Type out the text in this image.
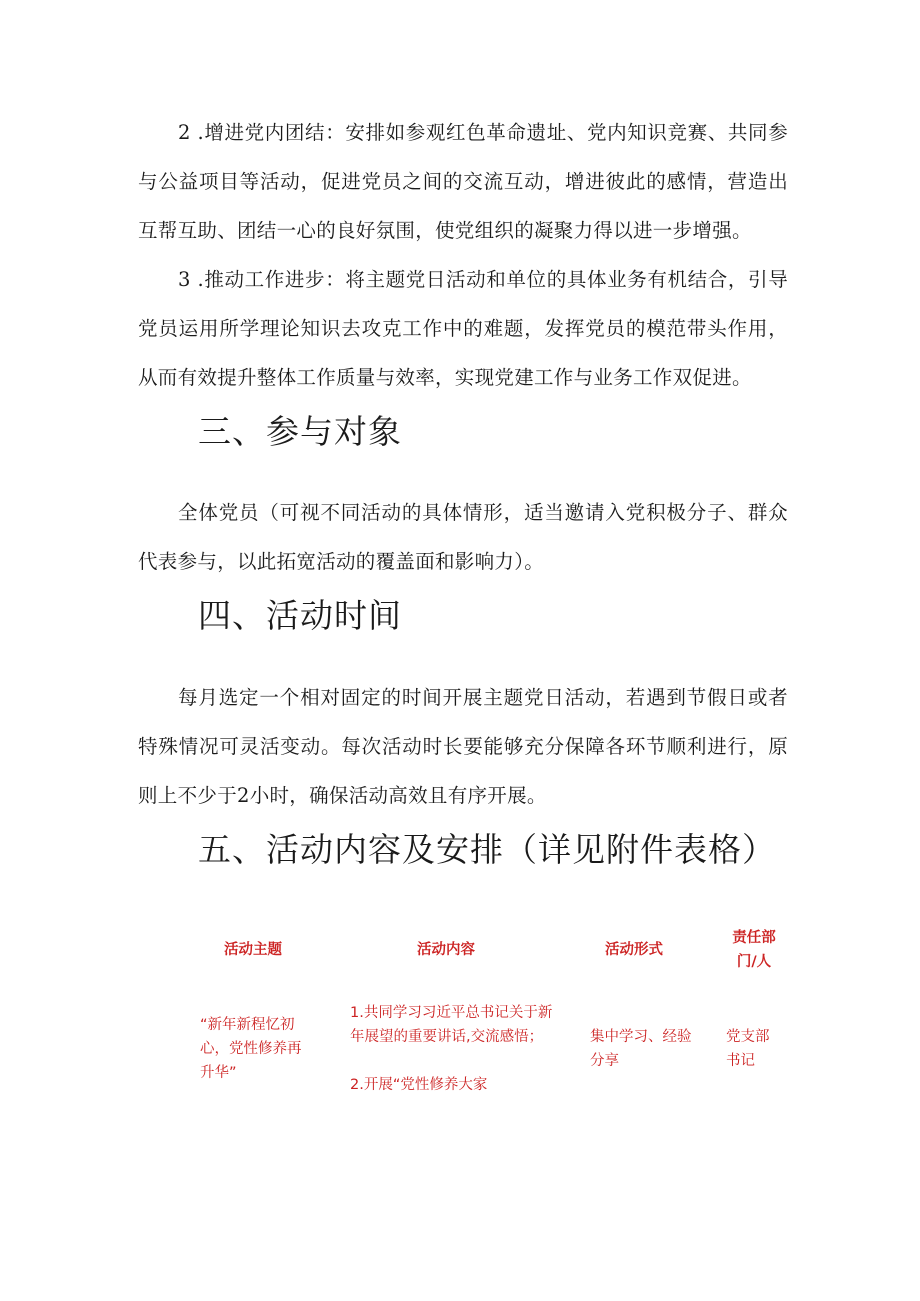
2 .增进党内团结：安排如参观红色革命遗址、党内知识竞赛、共同参与公益项目等活动，促进党员之间的交流互动，增进彼此的感情，营造出互帮互助、团结一心的良好氛围，使党组织的凝聚力得以进一步增强。

3 .推动工作进步：将主题党日活动和单位的具体业务有机结合，引导党员运用所学理论知识去攻克工作中的难题，发挥党员的模范带头作用，从而有效提升整体工作质量与效率，实现党建工作与业务工作双促进。

三、参与对象

全体党员（可视不同活动的具体情形，适当邀请入党积极分子、群众代表参与，以此拓宽活动的覆盖面和影响力）。

四、活动时间

每月选定一个相对固定的时间开展主题党日活动，若遇到节假日或者特殊情况可灵活变动。每次活动时长要能够充分保障各环节顺利进行，原则上不少于2小时，确保活动高效且有序开展。

五、活动内容及安排（详见附件表格）
活动主题	活动内容	活动形式
责任部门/人
“新年新程忆初心，党性修养再升华”
1.共同学习习近平总书记关于新年展望的重要讲话,交流感悟；
2.开展“党性修养大家
集中学习、经验分享
党支部书记
